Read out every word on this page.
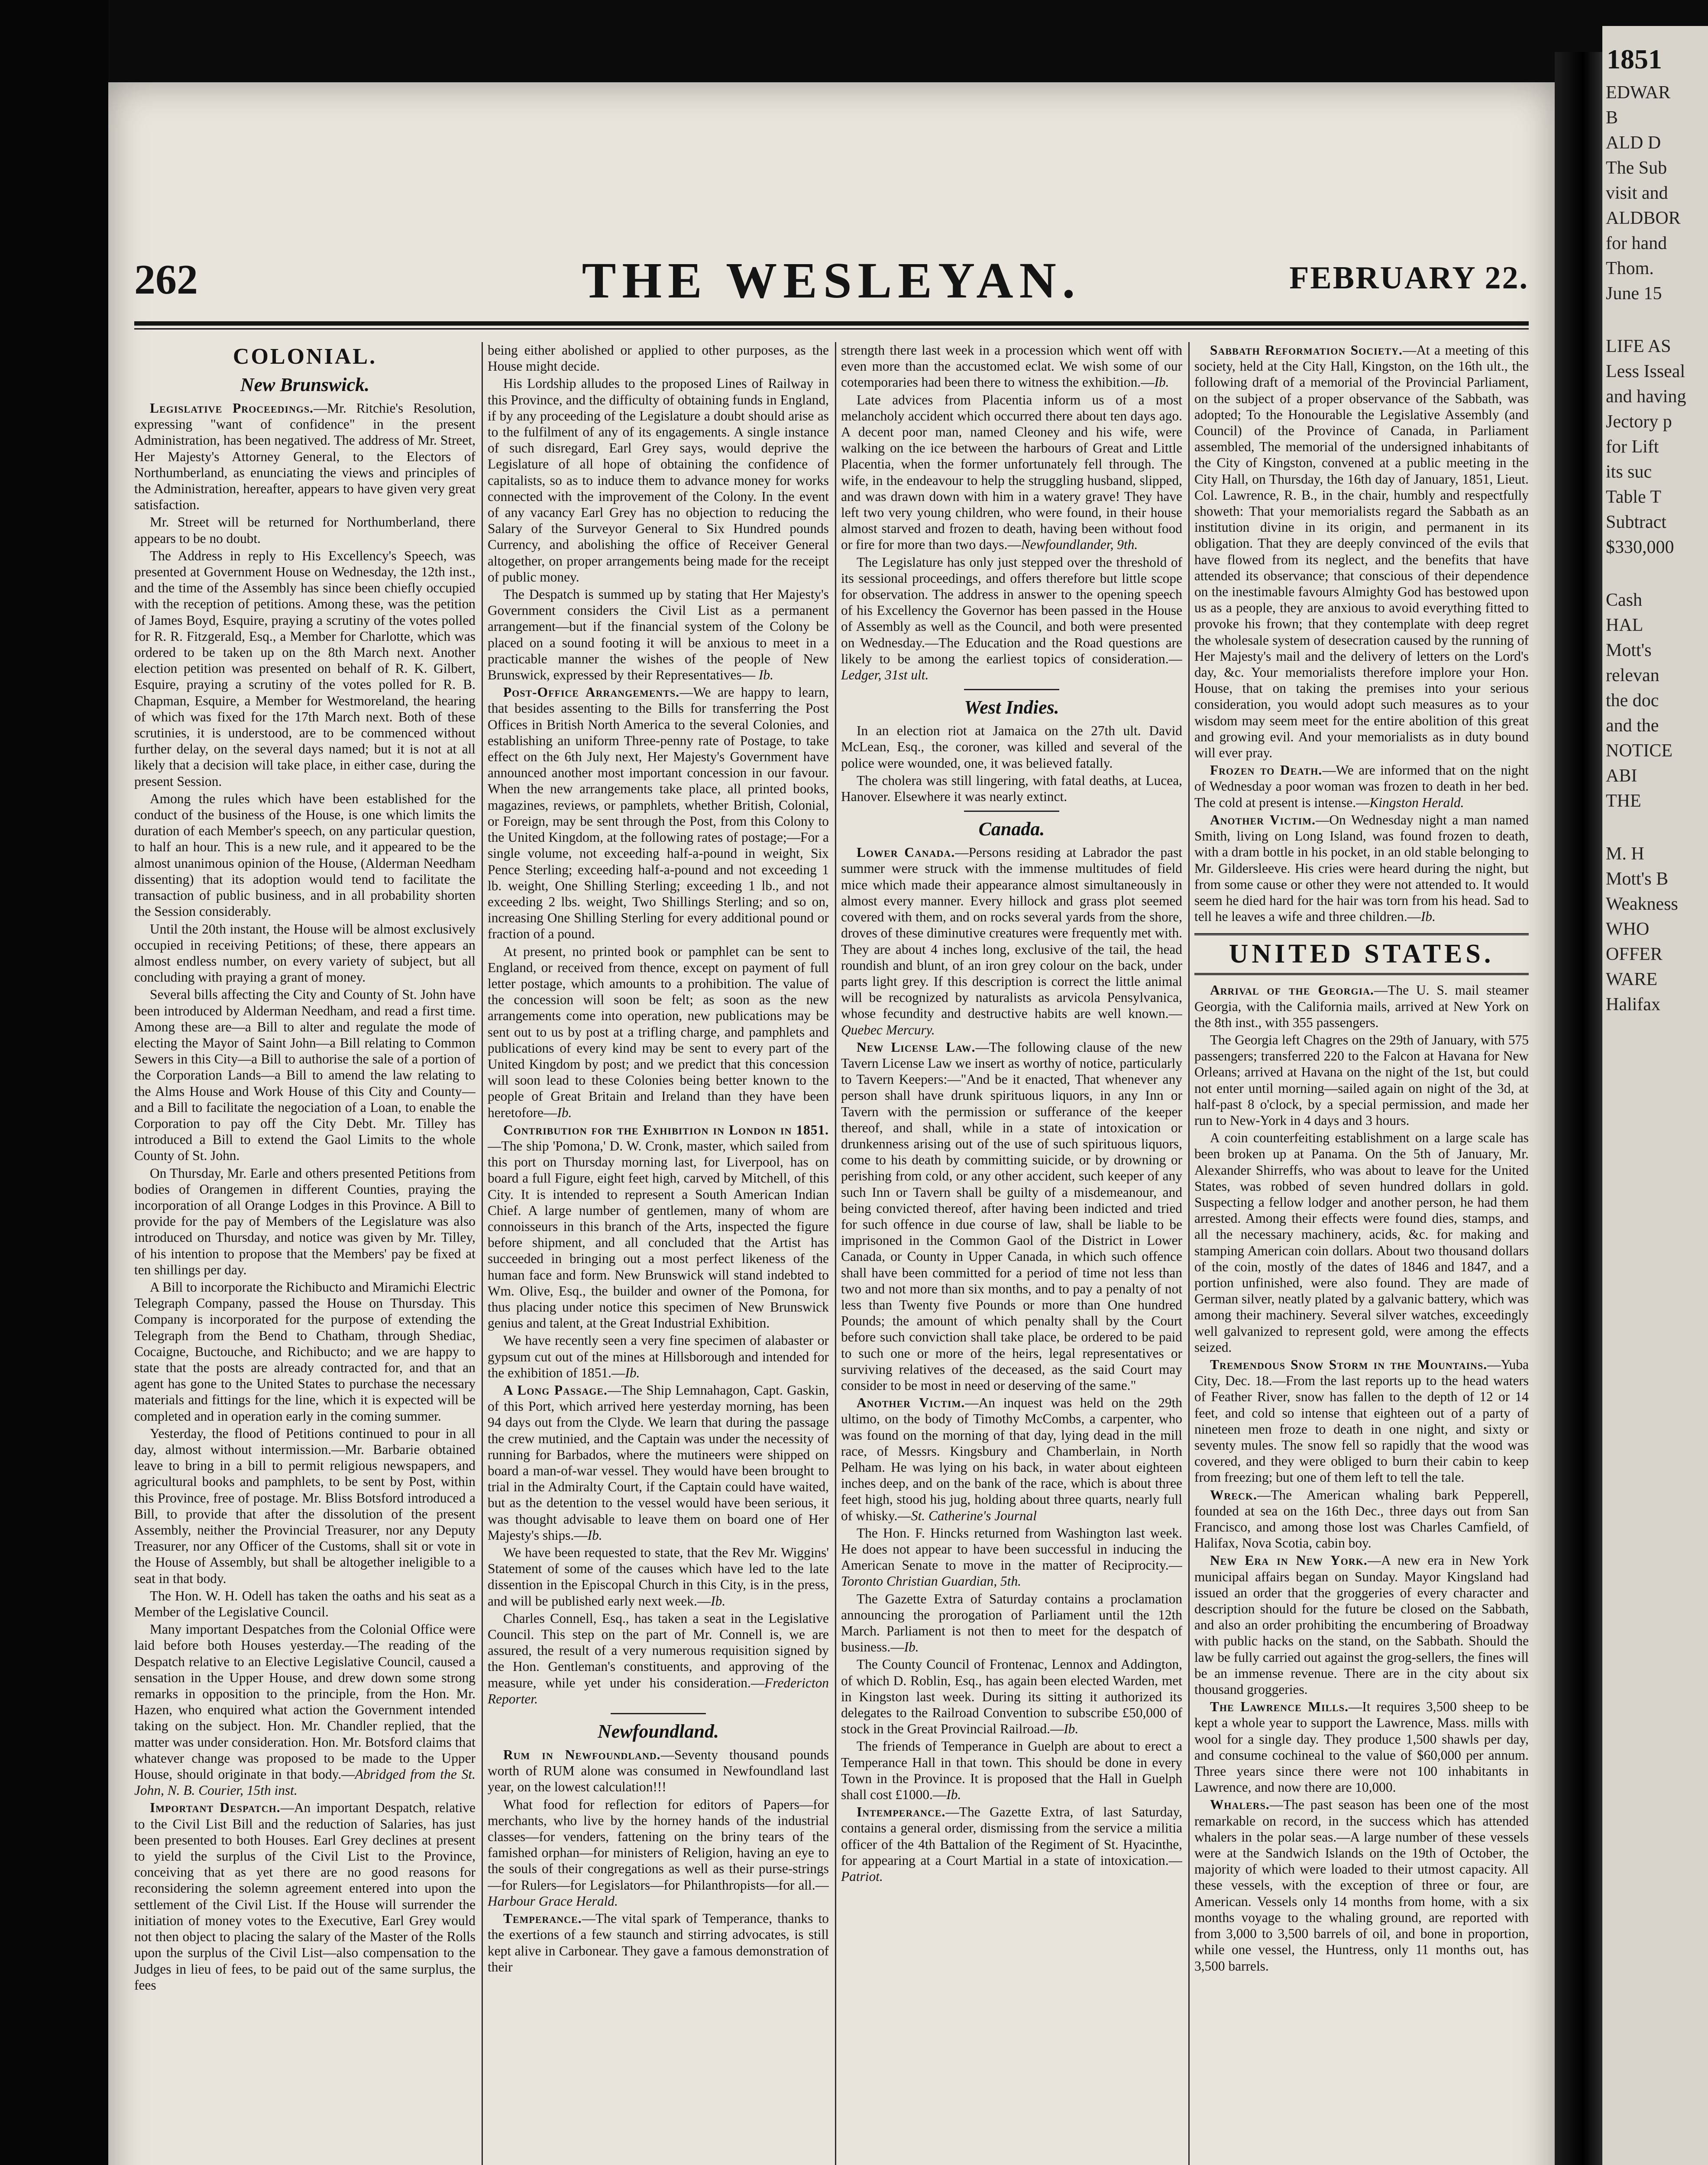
262	THE WESLEYAN.	FEBRUARY 22.
COLONIAL.
New Brunswick.

Legislative Proceedings.—Mr. Ritchie's Resolution, expressing "want of confidence" in the present Administration, has been negatived. The address of Mr. Street, Her Majesty's Attorney General, to the Electors of Northumberland, as enunciating the views and principles of the Administration, hereafter, appears to have given very great satisfaction.

Mr. Street will be returned for Northumberland, there appears to be no doubt.

The Address in reply to His Excellency's Speech, was presented at Government House on Wednesday, the 12th inst., and the time of the Assembly has since been chiefly occupied with the reception of petitions. Among these, was the petition of James Boyd, Esquire, praying a scrutiny of the votes polled for R. R. Fitzgerald, Esq., a Member for Charlotte, which was ordered to be taken up on the 8th March next. Another election petition was presented on behalf of R. K. Gilbert, Esquire, praying a scrutiny of the votes polled for R. B. Chapman, Esquire, a Member for Westmoreland, the hearing of which was fixed for the 17th March next. Both of these scrutinies, it is understood, are to be commenced without further delay, on the several days named; but it is not at all likely that a decision will take place, in either case, during the present Session.

Among the rules which have been established for the conduct of the business of the House, is one which limits the duration of each Member's speech, on any particular question, to half an hour. This is a new rule, and it appeared to be the almost unanimous opinion of the House, (Alderman Needham dissenting) that its adoption would tend to facilitate the transaction of public business, and in all probability shorten the Session considerably.

Until the 20th instant, the House will be almost exclusively occupied in receiving Petitions; of these, there appears an almost endless number, on every variety of subject, but all concluding with praying a grant of money.

Several bills affecting the City and County of St. John have been introduced by Alderman Needham, and read a first time. Among these are—a Bill to alter and regulate the mode of electing the Mayor of Saint John—a Bill relating to Common Sewers in this City—a Bill to authorise the sale of a portion of the Corporation Lands—a Bill to amend the law relating to the Alms House and Work House of this City and County—and a Bill to facilitate the negociation of a Loan, to enable the Corporation to pay off the City Debt. Mr. Tilley has introduced a Bill to extend the Gaol Limits to the whole County of St. John.

On Thursday, Mr. Earle and others presented Petitions from bodies of Orangemen in different Counties, praying the incorporation of all Orange Lodges in this Province. A Bill to provide for the pay of Members of the Legislature was also introduced on Thursday, and notice was given by Mr. Tilley, of his intention to propose that the Members' pay be fixed at ten shillings per day.

A Bill to incorporate the Richibucto and Miramichi Electric Telegraph Company, passed the House on Thursday. This Company is incorporated for the purpose of extending the Telegraph from the Bend to Chatham, through Shediac, Cocaigne, Buctouche, and Richibucto; and we are happy to state that the posts are already contracted for, and that an agent has gone to the United States to purchase the necessary materials and fittings for the line, which it is expected will be completed and in operation early in the coming summer.

Yesterday, the flood of Petitions continued to pour in all day, almost without intermission.—Mr. Barbarie obtained leave to bring in a bill to permit religious newspapers, and agricultural books and pamphlets, to be sent by Post, within this Province, free of postage. Mr. Bliss Botsford introduced a Bill, to provide that after the dissolution of the present Assembly, neither the Provincial Treasurer, nor any Deputy Treasurer, nor any Officer of the Customs, shall sit or vote in the House of Assembly, but shall be altogether ineligible to a seat in that body.

The Hon. W. H. Odell has taken the oaths and his seat as a Member of the Legislative Council.

Many important Despatches from the Colonial Office were laid before both Houses yesterday.—The reading of the Despatch relative to an Elective Legislative Council, caused a sensation in the Upper House, and drew down some strong remarks in opposition to the principle, from the Hon. Mr. Hazen, who enquired what action the Government intended taking on the subject. Hon. Mr. Chandler replied, that the matter was under consideration. Hon. Mr. Botsford claims that whatever change was proposed to be made to the Upper House, should originate in that body.—Abridged from the St. John, N. B. Courier, 15th inst.

Important Despatch.—An important Despatch, relative to the Civil List Bill and the reduction of Salaries, has just been presented to both Houses. Earl Grey declines at present to yield the surplus of the Civil List to the Province, conceiving that as yet there are no good reasons for reconsidering the solemn agreement entered into upon the settlement of the Civil List. If the House will surrender the initiation of money votes to the Executive, Earl Grey would not then object to placing the salary of the Master of the Rolls upon the surplus of the Civil List—also compensation to the Judges in lieu of fees, to be paid out of the same surplus, the fees

being either abolished or applied to other purposes, as the House might decide.

His Lordship alludes to the proposed Lines of Railway in this Province, and the difficulty of obtaining funds in England, if by any proceeding of the Legislature a doubt should arise as to the fulfilment of any of its engagements. A single instance of such disregard, Earl Grey says, would deprive the Legislature of all hope of obtaining the confidence of capitalists, so as to induce them to advance money for works connected with the improvement of the Colony. In the event of any vacancy Earl Grey has no objection to reducing the Salary of the Surveyor General to Six Hundred pounds Currency, and abolishing the office of Receiver General altogether, on proper arrangements being made for the receipt of public money.

The Despatch is summed up by stating that Her Majesty's Government considers the Civil List as a permanent arrangement—but if the financial system of the Colony be placed on a sound footing it will be anxious to meet in a practicable manner the wishes of the people of New Brunswick, expressed by their Representatives— Ib.

Post-Office Arrangements.—We are happy to learn, that besides assenting to the Bills for transferring the Post Offices in British North America to the several Colonies, and establishing an uniform Three-penny rate of Postage, to take effect on the 6th July next, Her Majesty's Government have announced another most important concession in our favour. When the new arrangements take place, all printed books, magazines, reviews, or pamphlets, whether British, Colonial, or Foreign, may be sent through the Post, from this Colony to the United Kingdom, at the following rates of postage;—For a single volume, not exceeding half-a-pound in weight, Six Pence Sterling; exceeding half-a-pound and not exceeding 1 lb. weight, One Shilling Sterling; exceeding 1 lb., and not exceeding 2 lbs. weight, Two Shillings Sterling; and so on, increasing One Shilling Sterling for every additional pound or fraction of a pound.

At present, no printed book or pamphlet can be sent to England, or received from thence, except on payment of full letter postage, which amounts to a prohibition. The value of the concession will soon be felt; as soon as the new arrangements come into operation, new publications may be sent out to us by post at a trifling charge, and pamphlets and publications of every kind may be sent to every part of the United Kingdom by post; and we predict that this concession will soon lead to these Colonies being better known to the people of Great Britain and Ireland than they have been heretofore—Ib.

Contribution for the Exhibition in London in 1851.—The ship 'Pomona,' D. W. Cronk, master, which sailed from this port on Thursday morning last, for Liverpool, has on board a full Figure, eight feet high, carved by Mitchell, of this City. It is intended to represent a South American Indian Chief. A large number of gentlemen, many of whom are connoisseurs in this branch of the Arts, inspected the figure before shipment, and all concluded that the Artist has succeeded in bringing out a most perfect likeness of the human face and form. New Brunswick will stand indebted to Wm. Olive, Esq., the builder and owner of the Pomona, for thus placing under notice this specimen of New Brunswick genius and talent, at the Great Industrial Exhibition.

We have recently seen a very fine specimen of alabaster or gypsum cut out of the mines at Hillsborough and intended for the exhibition of 1851.—Ib.

A Long Passage.—The Ship Lemnahagon, Capt. Gaskin, of this Port, which arrived here yesterday morning, has been 94 days out from the Clyde. We learn that during the passage the crew mutinied, and the Captain was under the necessity of running for Barbados, where the mutineers were shipped on board a man-of-war vessel. They would have been brought to trial in the Admiralty Court, if the Captain could have waited, but as the detention to the vessel would have been serious, it was thought advisable to leave them on board one of Her Majesty's ships.—Ib.

We have been requested to state, that the Rev Mr. Wiggins' Statement of some of the causes which have led to the late dissention in the Episcopal Church in this City, is in the press, and will be published early next week.—Ib.

Charles Connell, Esq., has taken a seat in the Legislative Council. This step on the part of Mr. Connell is, we are assured, the result of a very numerous requisition signed by the Hon. Gentleman's constituents, and approving of the measure, while yet under his consideration.—Fredericton Reporter.

Newfoundland.

Rum in Newfoundland.—Seventy thousand pounds worth of RUM alone was consumed in Newfoundland last year, on the lowest calculation!!!

What food for reflection for editors of Papers—for merchants, who live by the horney hands of the industrial classes—for venders, fattening on the briny tears of the famished orphan—for ministers of Religion, having an eye to the souls of their congregations as well as their purse-strings—for Rulers—for Legislators—for Philanthropists—for all.—Harbour Grace Herald.

Temperance.—The vital spark of Temperance, thanks to the exertions of a few staunch and stirring advocates, is still kept alive in Carbonear. They gave a famous demonstration of their

strength there last week in a procession which went off with even more than the accustomed eclat. We wish some of our cotemporaries had been there to witness the exhibition.—Ib.

Late advices from Placentia inform us of a most melancholy accident which occurred there about ten days ago. A decent poor man, named Cleoney and his wife, were walking on the ice between the harbours of Great and Little Placentia, when the former unfortunately fell through. The wife, in the endeavour to help the struggling husband, slipped, and was drawn down with him in a watery grave! They have left two very young children, who were found, in their house almost starved and frozen to death, having been without food or fire for more than two days.—Newfoundlander, 9th.

The Legislature has only just stepped over the threshold of its sessional proceedings, and offers therefore but little scope for observation. The address in answer to the opening speech of his Excellency the Governor has been passed in the House of Assembly as well as the Council, and both were presented on Wednesday.—The Education and the Road questions are likely to be among the earliest topics of consideration.—Ledger, 31st ult.

West Indies.

In an election riot at Jamaica on the 27th ult. David McLean, Esq., the coroner, was killed and several of the police were wounded, one, it was believed fatally.

The cholera was still lingering, with fatal deaths, at Lucea, Hanover. Elsewhere it was nearly extinct.

Canada.

Lower Canada.—Persons residing at Labrador the past summer were struck with the immense multitudes of field mice which made their appearance almost simultaneously in almost every manner. Every hillock and grass plot seemed covered with them, and on rocks several yards from the shore, droves of these diminutive creatures were frequently met with. They are about 4 inches long, exclusive of the tail, the head roundish and blunt, of an iron grey colour on the back, under parts light grey. If this description is correct the little animal will be recognized by naturalists as arvicola Pensylvanica, whose fecundity and destructive habits are well known.—Quebec Mercury.

New License Law.—The following clause of the new Tavern License Law we insert as worthy of notice, particularly to Tavern Keepers:—"And be it enacted, That whenever any person shall have drunk spirituous liquors, in any Inn or Tavern with the permission or sufferance of the keeper thereof, and shall, while in a state of intoxication or drunkenness arising out of the use of such spirituous liquors, come to his death by committing suicide, or by drowning or perishing from cold, or any other accident, such keeper of any such Inn or Tavern shall be guilty of a misdemeanour, and being convicted thereof, after having been indicted and tried for such offence in due course of law, shall be liable to be imprisoned in the Common Gaol of the District in Lower Canada, or County in Upper Canada, in which such offence shall have been committed for a period of time not less than two and not more than six months, and to pay a penalty of not less than Twenty five Pounds or more than One hundred Pounds; the amount of which penalty shall by the Court before such conviction shall take place, be ordered to be paid to such one or more of the heirs, legal representatives or surviving relatives of the deceased, as the said Court may consider to be most in need or deserving of the same."

Another Victim.—An inquest was held on the 29th ultimo, on the body of Timothy McCombs, a carpenter, who was found on the morning of that day, lying dead in the mill race, of Messrs. Kingsbury and Chamberlain, in North Pelham. He was lying on his back, in water about eighteen inches deep, and on the bank of the race, which is about three feet high, stood his jug, holding about three quarts, nearly full of whisky.—St. Catherine's Journal

The Hon. F. Hincks returned from Washington last week. He does not appear to have been successful in inducing the American Senate to move in the matter of Reciprocity.—Toronto Christian Guardian, 5th.

The Gazette Extra of Saturday contains a proclamation announcing the prorogation of Parliament until the 12th March. Parliament is not then to meet for the despatch of business.—Ib.

The County Council of Frontenac, Lennox and Addington, of which D. Roblin, Esq., has again been elected Warden, met in Kingston last week. During its sitting it authorized its delegates to the Railroad Convention to subscribe £50,000 of stock in the Great Provincial Railroad.—Ib.

The friends of Temperance in Guelph are about to erect a Temperance Hall in that town. This should be done in every Town in the Province. It is proposed that the Hall in Guelph shall cost £1000.—Ib.

Intemperance.—The Gazette Extra, of last Saturday, contains a general order, dismissing from the service a militia officer of the 4th Battalion of the Regiment of St. Hyacinthe, for appearing at a Court Martial in a state of intoxication.—Patriot.

Sabbath Reformation Society.—At a meeting of this society, held at the City Hall, Kingston, on the 16th ult., the following draft of a memorial of the Provincial Parliament, on the subject of a proper observance of the Sabbath, was adopted; To the Honourable the Legislative Assembly (and Council) of the Province of Canada, in Parliament assembled, The memorial of the undersigned inhabitants of the City of Kingston, convened at a public meeting in the City Hall, on Thursday, the 16th day of January, 1851, Lieut. Col. Lawrence, R. B., in the chair, humbly and respectfully showeth: That your memorialists regard the Sabbath as an institution divine in its origin, and permanent in its obligation. That they are deeply convinced of the evils that have flowed from its neglect, and the benefits that have attended its observance; that conscious of their dependence on the inestimable favours Almighty God has bestowed upon us as a people, they are anxious to avoid everything fitted to provoke his frown; that they contemplate with deep regret the wholesale system of desecration caused by the running of Her Majesty's mail and the delivery of letters on the Lord's day, &c. Your memorialists therefore implore your Hon. House, that on taking the premises into your serious consideration, you would adopt such measures as to your wisdom may seem meet for the entire abolition of this great and growing evil. And your memorialists as in duty bound will ever pray.

Frozen to Death.—We are informed that on the night of Wednesday a poor woman was frozen to death in her bed. The cold at present is intense.—Kingston Herald.

Another Victim.—On Wednesday night a man named Smith, living on Long Island, was found frozen to death, with a dram bottle in his pocket, in an old stable belonging to Mr. Gildersleeve. His cries were heard during the night, but from some cause or other they were not attended to. It would seem he died hard for the hair was torn from his head. Sad to tell he leaves a wife and three children.—Ib.

UNITED STATES.

Arrival of the Georgia.—The U. S. mail steamer Georgia, with the California mails, arrived at New York on the 8th inst., with 355 passengers.

The Georgia left Chagres on the 29th of January, with 575 passengers; transferred 220 to the Falcon at Havana for New Orleans; arrived at Havana on the night of the 1st, but could not enter until morning—sailed again on night of the 3d, at half-past 8 o'clock, by a special permission, and made her run to New-York in 4 days and 3 hours.

A coin counterfeiting establishment on a large scale has been broken up at Panama. On the 5th of January, Mr. Alexander Shirreffs, who was about to leave for the United States, was robbed of seven hundred dollars in gold. Suspecting a fellow lodger and another person, he had them arrested. Among their effects were found dies, stamps, and all the necessary machinery, acids, &c. for making and stamping American coin dollars. About two thousand dollars of the coin, mostly of the dates of 1846 and 1847, and a portion unfinished, were also found. They are made of German silver, neatly plated by a galvanic battery, which was among their machinery. Several silver watches, exceedingly well galvanized to represent gold, were among the effects seized.

Tremendous Snow Storm in the Mountains.—Yuba City, Dec. 18.—From the last reports up to the head waters of Feather River, snow has fallen to the depth of 12 or 14 feet, and cold so intense that eighteen out of a party of nineteen men froze to death in one night, and sixty or seventy mules. The snow fell so rapidly that the wood was covered, and they were obliged to burn their cabin to keep from freezing; but one of them left to tell the tale.

Wreck.—The American whaling bark Pepperell, founded at sea on the 16th Dec., three days out from San Francisco, and among those lost was Charles Camfield, of Halifax, Nova Scotia, cabin boy.

New Era in New York.—A new era in New York municipal affairs began on Sunday. Mayor Kingsland had issued an order that the groggeries of every character and description should for the future be closed on the Sabbath, and also an order prohibiting the encumbering of Broadway with public hacks on the stand, on the Sabbath. Should the law be fully carried out against the grog-sellers, the fines will be an immense revenue. There are in the city about six thousand groggeries.

The Lawrence Mills.—It requires 3,500 sheep to be kept a whole year to support the Lawrence, Mass. mills with wool for a single day. They produce 1,500 shawls per day, and consume cochineal to the value of $60,000 per annum. Three years since there were not 100 inhabitants in Lawrence, and now there are 10,000.

Whalers.—The past season has been one of the most remarkable on record, in the success which has attended whalers in the polar seas.—A large number of these vessels were at the Sandwich Islands on the 19th of October, the majority of which were loaded to their utmost capacity. All these vessels, with the exception of three or four, are American. Vessels only 14 months from home, with a six months voyage to the whaling ground, are reported with from 3,000 to 3,500 barrels of oil, and bone in proportion, while one vessel, the Huntress, only 11 months out, has 3,500 barrels.

1851
EDWAR
B
ALD D
The Sub
visit and
ALDBOR
for hand
Thom.
June 15
LIFE AS
Less Isseal
and having
Jectory p
for Lift
its suc
Table T
Subtract
$330,000
Cash
HAL
Mott's
relevan
the doc
and the
NOTICE
ABI
THE
M. H
Mott's B
Weakness
WHO
OFFER
WARE
Halifax
